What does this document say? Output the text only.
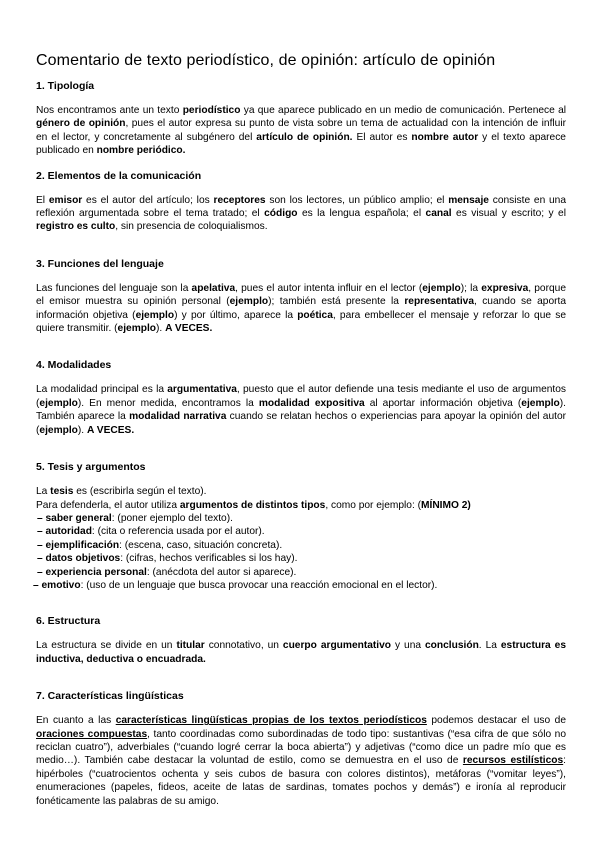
Comentario de texto periodístico, de opinión: artículo de opinión
1. Tipología

Nos encontramos ante un texto periodístico ya que aparece publicado en un medio de comunicación. Pertenece al género de opinión, pues el autor expresa su punto de vista sobre un tema de actualidad con la intención de influir en el lector, y concretamente al subgénero del artículo de opinión. El autor es nombre autor y el texto aparece publicado en nombre periódico.

2. Elementos de la comunicación

El emisor es el autor del artículo; los receptores son los lectores, un público amplio; el mensaje consiste en una reflexión argumentada sobre el tema tratado; el código es la lengua española; el canal es visual y escrito; y el registro es culto, sin presencia de coloquialismos.

3. Funciones del lenguaje

Las funciones del lenguaje son la apelativa, pues el autor intenta influir en el lector (ejemplo); la expresiva, porque el emisor muestra su opinión personal (ejemplo); también está presente la representativa, cuando se aporta información objetiva (ejemplo) y por último, aparece la poética, para embellecer el mensaje y reforzar lo que se quiere transmitir. (ejemplo). A VECES.

4. Modalidades

La modalidad principal es la argumentativa, puesto que el autor defiende una tesis mediante el uso de argumentos (ejemplo). En menor medida, encontramos la modalidad expositiva al aportar información objetiva (ejemplo). También aparece la modalidad narrativa cuando se relatan hechos o experiencias para apoyar la opinión del autor (ejemplo). A VECES.

5. Tesis y argumentos
La tesis es (escribirla según el texto).
Para defenderla, el autor utiliza argumentos de distintos tipos, como por ejemplo: (MÍNIMO 2)
– saber general: (poner ejemplo del texto).
– autoridad: (cita o referencia usada por el autor).
– ejemplificación: (escena, caso, situación concreta).
– datos objetivos: (cifras, hechos verificables si los hay).
– experiencia personal: (anécdota del autor si aparece).
– emotivo: (uso de un lenguaje que busca provocar una reacción emocional en el lector).
6. Estructura

La estructura se divide en un titular connotativo, un cuerpo argumentativo y una conclusión. La estructura es inductiva, deductiva o encuadrada.

7. Características lingüísticas

En cuanto a las características lingüísticas propias de los textos periodísticos podemos destacar el uso de oraciones compuestas, tanto coordinadas como subordinadas de todo tipo: sustantivas (“esa cifra de que sólo no reciclan cuatro”), adverbiales (“cuando logré cerrar la boca abierta”) y adjetivas (“como dice un padre mío que es medio…). También cabe destacar la voluntad de estilo, como se demuestra en el uso de recursos estilísticos: hipérboles (“cuatrocientos ochenta y seis cubos de basura con colores distintos), metáforas (“vomitar leyes”), enumeraciones (papeles, fideos, aceite de latas de sardinas, tomates pochos y demás”) e ironía al reproducir fonéticamente las palabras de su amigo.
